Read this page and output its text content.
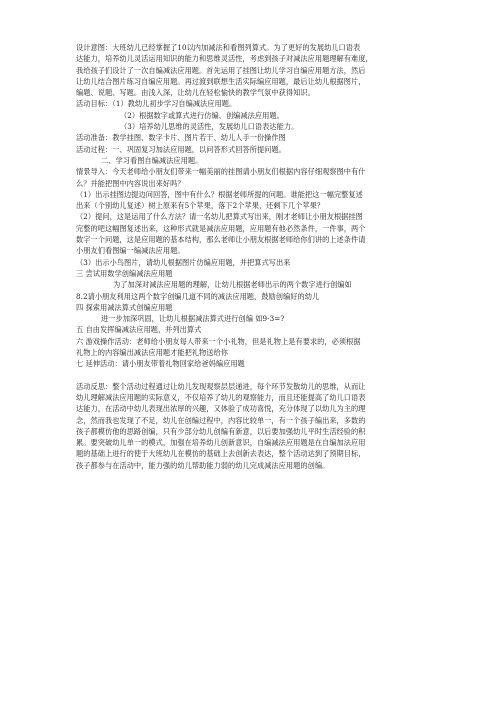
设计意图：大班幼儿已经掌握了10以内加减法和看图列算式。为了更好的发展幼儿口语表

达能力，培养幼儿灵活运用知识的能力和思维灵活性，考虑到孩子对减法应用题理解有难度，

我给孩子们设计了一次自编减法应用题。首先运用了挂图让幼儿学习自编应用题方法，然后

让幼儿结合图片练习自编应用题。再过渡到联想生活实际编应用题，最后让幼儿根据图片，

编题、说题、写题。由浅入深，让幼儿在轻松愉快的教学气氛中获得知识。

活动目标：（1）教幼儿初步学习自编减法应用题。

（2）根据数字或算式进行仿编、创编减法应用题。

（3）培养幼儿思维的灵活性，发展幼儿口语表达能力。

活动准备：教学挂图、数字卡片、图片若干、幼儿人手一份操作图

活动过程：一、巩固复习加法应用题，以问答形式回答所提问题。

二、学习看图自编减法应用题。

情景导入：今天老师给小朋友们带来一幅美丽的挂图请小朋友们根据内容仔细观察图中有什

么？并能把图中内容说出来好吗？

（1）出示挂图边提边问回答，图中有什么？根据老师所提的问题。谁能把这一幅完整复述

出来（个别幼儿复述）树上原来有5个苹果，落下2个苹果，还剩下几个苹果？

（2）提问，这是运用了什么方法？请一名幼儿把算式写出来，刚才老师让小朋友根据挂图

完整的吧这幅图复述出来，这种形式就是减法应用题，应用题有他必然条件，一件事，两个

数字一个问题，这是应用题的基本结构，那么老师让小朋友根据老师给你们讲的上述条件请

小朋友们看图编一编减法应用题。

（3）出示小鸟图片，请幼儿根据图片仿编应用题，并把算式写出来

三 尝试用数学创编减法应用题

为了加深对减法应用题的理解，让幼儿根据老师出示的两个数字进行创编如

8.2请小朋友利用这两个数字创编几道不同的减法应用题，鼓励创编好的幼儿

四 探索用减法算式创编应用题

进一步加深巩固，让幼儿根据减法算式进行创编 如9-3=?

五 自由发挥编减法应用题，并列出算式

六 游戏操作活动：老师给小朋友每人带来一个小礼物，但是礼物上是有要求的，必须根据

礼物上的内容编出减法应用题才能把礼物送给你

七 延伸活动：请小朋友带着礼物回家给爸妈编应用题

活动反思：整个活动过程通过让幼儿发现观察层层递进，每个环节发散幼儿的思维，从而让

幼儿理解减法应用题的实际意义，不仅培养了幼儿的观察能力，而且还能提高了幼儿口语表

达能力，在活动中幼儿表现出浓厚的兴趣，又体验了成功喜悦，充分体现了以幼儿为主的理

念，然而我也发现了不足，幼儿在创编过程中，内容比较单一，有一个孩子编出来，多数的

孩子都模仿他的思路创编，只有少部分幼儿创编有新意，以后要加强幼儿平时生活经验的积

累。要突破幼儿单一的模式，加强在培养幼儿创新意识，自编减法应用题是在自编加法应用

题的基础上进行的使于大班幼儿在模仿的基础上去创新去表达，整个活动达到了预期目标，

孩子都参与在活动中，能力强的幼儿帮助能力弱的幼儿完成减法应用题的创编。
